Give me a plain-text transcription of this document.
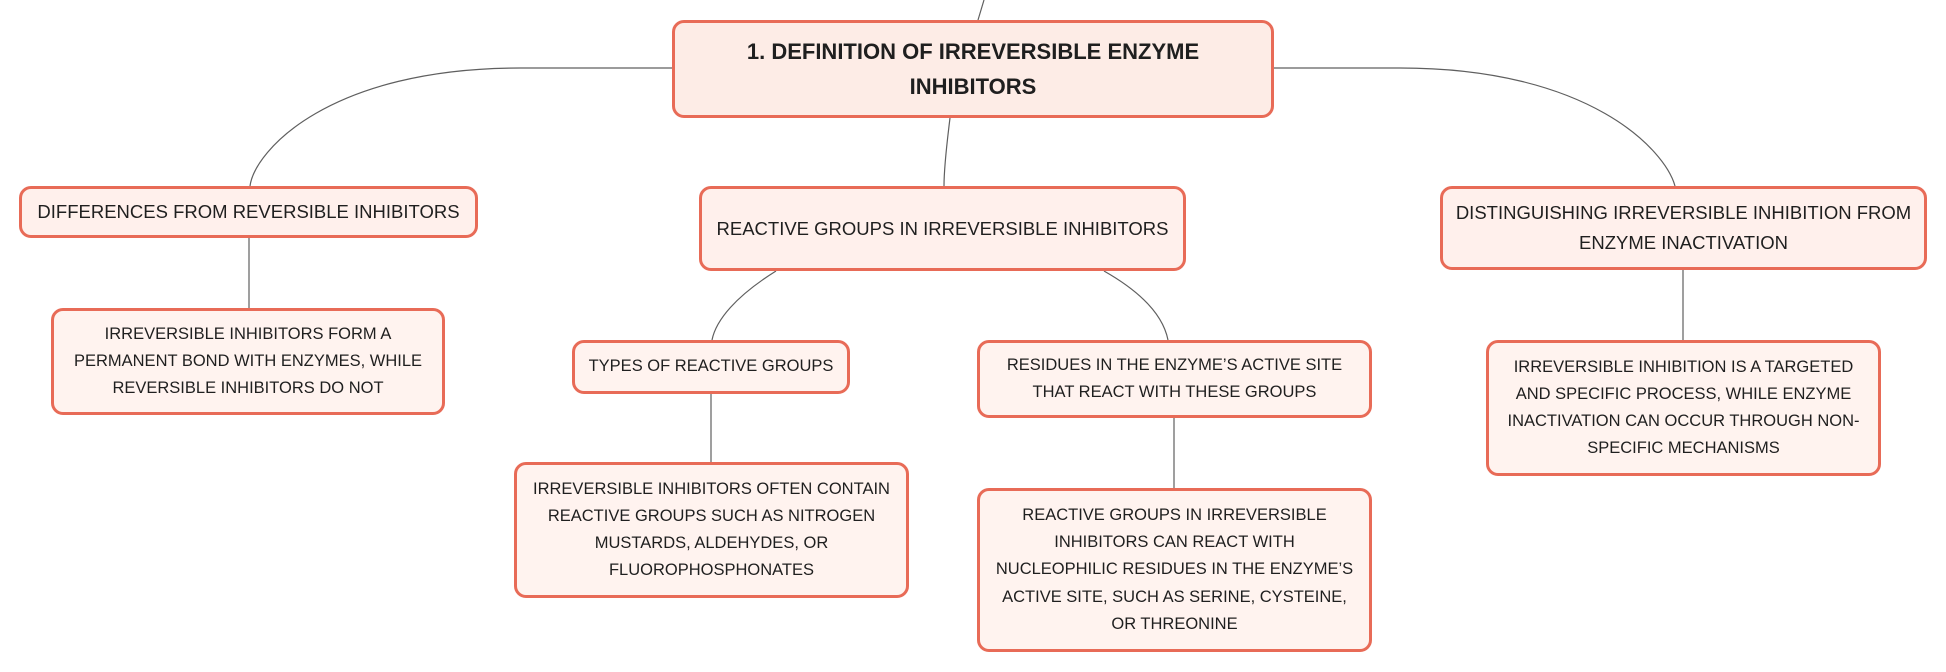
1. DEFINITION OF IRREVERSIBLE ENZYME INHIBITORS
DIFFERENCES FROM REVERSIBLE INHIBITORS
IRREVERSIBLE INHIBITORS FORM A PERMANENT BOND WITH ENZYMES, WHILE REVERSIBLE INHIBITORS DO NOT
REACTIVE GROUPS IN IRREVERSIBLE INHIBITORS
TYPES OF REACTIVE GROUPS
IRREVERSIBLE INHIBITORS OFTEN CONTAIN REACTIVE GROUPS SUCH AS NITROGEN MUSTARDS, ALDEHYDES, OR FLUOROPHOSPHONATES
RESIDUES IN THE ENZYME’S ACTIVE SITE THAT REACT WITH THESE GROUPS
REACTIVE GROUPS IN IRREVERSIBLE INHIBITORS CAN REACT WITH NUCLEOPHILIC RESIDUES IN THE ENZYME’S ACTIVE SITE, SUCH AS SERINE, CYSTEINE, OR THREONINE
DISTINGUISHING IRREVERSIBLE INHIBITION FROM ENZYME INACTIVATION
IRREVERSIBLE INHIBITION IS A TARGETED AND SPECIFIC PROCESS, WHILE ENZYME INACTIVATION CAN OCCUR THROUGH NON-SPECIFIC MECHANISMS
